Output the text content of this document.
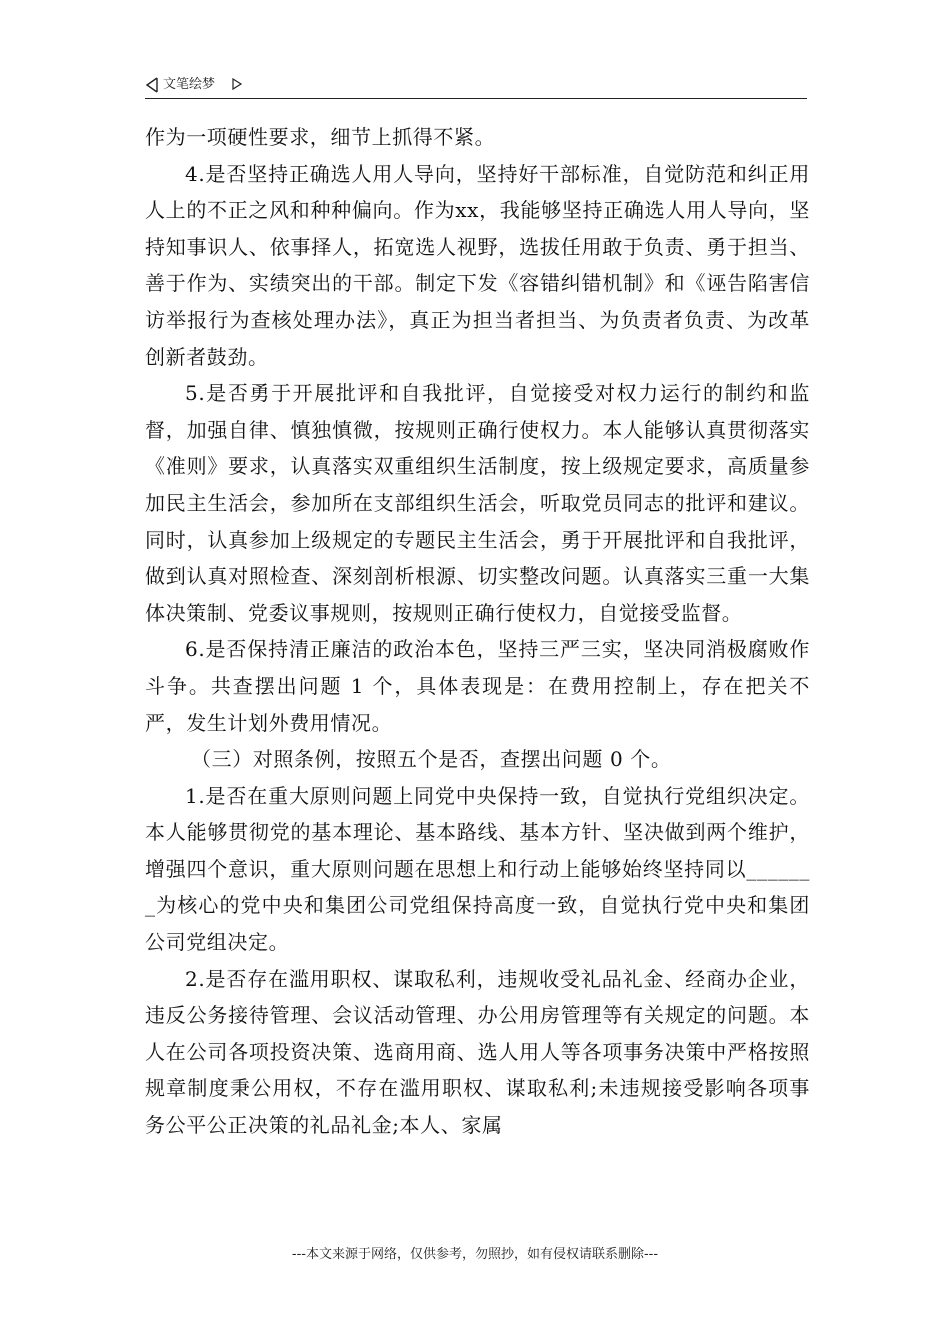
文笔绘梦

作为一项硬性要求，细节上抓得不紧。

4.是否坚持正确选人用人导向，坚持好干部标准，自觉防范和纠正用人上的不正之风和种种偏向。作为xx，我能够坚持正确选人用人导向，坚持知事识人、依事择人，拓宽选人视野，选拔任用敢于负责、勇于担当、善于作为、实绩突出的干部。制定下发《容错纠错机制》和《诬告陷害信访举报行为查核处理办法》，真正为担当者担当、为负责者负责、为改革创新者鼓劲。

5.是否勇于开展批评和自我批评，自觉接受对权力运行的制约和监督，加强自律、慎独慎微，按规则正确行使权力。本人能够认真贯彻落实《准则》要求，认真落实双重组织生活制度，按上级规定要求，高质量参加民主生活会，参加所在支部组织生活会，听取党员同志的批评和建议。同时，认真参加上级规定的专题民主生活会，勇于开展批评和自我批评，做到认真对照检查、深刻剖析根源、切实整改问题。认真落实三重一大集体决策制、党委议事规则，按规则正确行使权力，自觉接受监督。

6.是否保持清正廉洁的政治本色，坚持三严三实，坚决同消极腐败作斗争。共查摆出问题 1 个，具体表现是：在费用控制上，存在把关不严，发生计划外费用情况。

（三）对照条例，按照五个是否，查摆出问题 0 个。

1.是否在重大原则问题上同党中央保持一致，自觉执行党组织决定。本人能够贯彻党的基本理论、基本路线、基本方针、坚决做到两个维护，增强四个意识，重大原则问题在思想上和行动上能够始终坚持同以_______为核心的党中央和集团公司党组保持高度一致，自觉执行党中央和集团公司党组决定。

2.是否存在滥用职权、谋取私利，违规收受礼品礼金、经商办企业，违反公务接待管理、会议活动管理、办公用房管理等有关规定的问题。本人在公司各项投资决策、选商用商、选人用人等各项事务决策中严格按照规章制度秉公用权，不存在滥用职权、谋取私利;未违规接受影响各项事务公平公正决策的礼品礼金;本人、家属

---本文来源于网络，仅供参考，勿照抄，如有侵权请联系删除---
